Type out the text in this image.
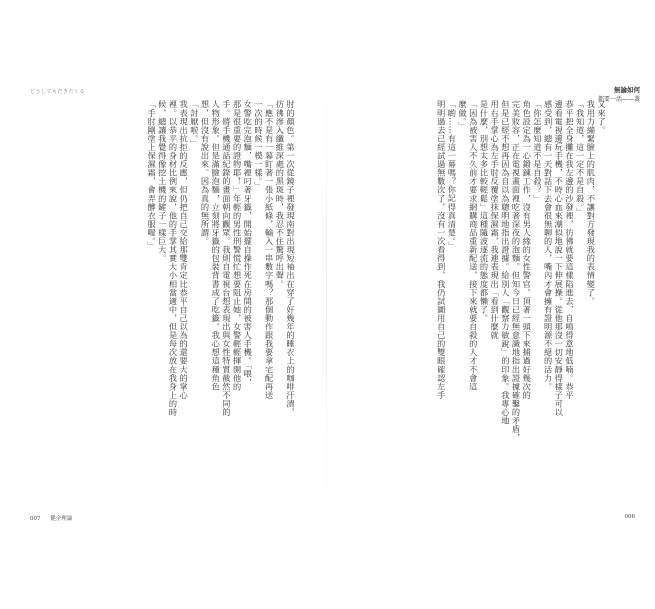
どうしてもだきたくる
肘的顏色。第一次從鏡子裡發現南對出現短袖出在穿了好幾年的睡衣上的咖啡汗漬，
彷彿滲入纖維深處的黑斑時，我忍不住驚呼出聲。
「應不是有一幕盯著一張小紙條，輸入一串數字嗎？那個動作跟我要拿宅配再送
一次的時候一模一樣。」
女警吃完泡麵，嘴裡叼著牙籤，開始擺自操作死在房間的被害人手機。「喂，
那是很重要的證物耶！」年輕的男性刑警慌忙想要阻止她，女警輕輕揮開他的
手。將手機通話紀錄的畫面朝向觀眾。我則自電視台想表現出與女性特質截然不同的
人物形象。但是滿臉泡麵，立刻將牙籤的包裝背書成了吃籤。我心想這種角色
想，但沒有說出來。因為真的無所謂。
「討厭啦。」
我表現出抗拒的反應，但仍把自己交給那雙肯定比恭平自己以為的還要大的掌心
裡。以恭平的身材比例來說，他的手掌其實大小相當適中，但是每次放在我身上的時
候，總讓我覺得像挖土機的鏟子一樣巨大。
「手肘剛塗上保濕霜，會弄髒衣服喔。」
007 健全理論
無論如何
都要一活——著
又來了。
我用力繃緊臉上的肌肉，不讓對方發現我的表情變了。
「我知道，這一定不是自殺。」
恭平把全身攤在我左邊的沙發裡，彷彿就要這樣陷進去，自鳴得意地低喃。恭平
邊看電視邊玩手機，不時心血來潮似地說一下伸展操。從他那沒一切安靜得樣子可以
感受到，總有一天對話下去會很無聊的人，嘴內才會擁有證明源不絕的活力。
「你怎麼知道不是自殺？」
角色設定為一心鍛鍊工作，沒有男人緣的女性警官。頂著一頭下來捕過好幾次的
完美妝容，正在電視畫面裡吃著深夜的泡麵。但知今日已經無意識地指出證據確鑿的矛盾，
但是已經不想再因為自以為聰明地指出證據。給別人「觀察力敏銳」的印象。我專心地
用右手掌心為左手肘反覆塗抹保濕霜，我連表現出「看到什麼就
是什麼，別想太多比較輕鬆」這種隨波逐流的態度都懶了。
「因為被害人不久前才要求網購商品重新配送，接下來就要自殺的人才不會這
麼做。」
「喲……有這一幕嗎？你記得真清楚。」
明明過去已經試過無數次了，沒有一次看得到，我仍試圖用自己的雙眼確認左手
006
